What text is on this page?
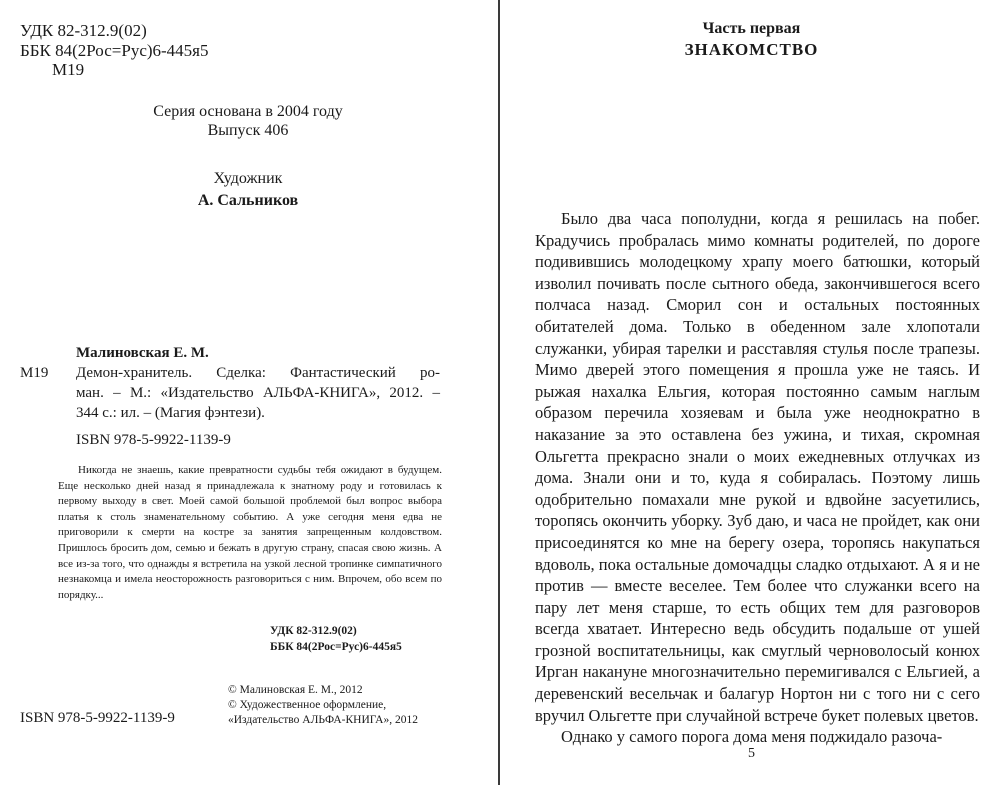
УДК 82-312.9(02)
ББК 84(2Рос=Рус)6-445я5
М19
Серия основана в 2004 году
Выпуск 406
Художник
А. Сальников
Малиновская Е. М.
М19	Демон-хранитель. Сделка: Фантастический ро-
ман. – М.: «Издательство АЛЬФА-КНИГА», 2012. –
344 с.: ил. – (Магия фэнтези).
ISBN 978-5-9922-1139-9
Никогда не знаешь, какие превратности судьбы тебя ожидают в будущем. Еще несколько дней назад я принадлежала к знатному роду и готовилась к первому выходу в свет. Моей самой большой проблемой был вопрос выбора платья к столь знаменательному событию. А уже сегодня меня едва не приговорили к смерти на костре за занятия запрещенным колдовством. Пришлось бросить дом, семью и бежать в другую страну, спасая свою жизнь. А все из-за того, что однажды я встретила на узкой лесной тропинке симпатичного незнакомца и имела неосторожность разговориться с ним. Впрочем, обо всем по порядку...
УДК 82-312.9(02)
ББК 84(2Рос=Рус)6-445я5
© Малиновская Е. М., 2012
© Художественное оформление,
«Издательство АЛЬФА-КНИГА», 2012
ISBN 978-5-9922-1139-9
Часть первая
ЗНАКОМСТВО

Было два часа пополудни, когда я решилась на побег. Крадучись пробралась мимо комнаты родителей, по дороге подивившись молодецкому храпу моего батюшки, который изволил почивать после сытного обеда, закончившегося всего полчаса назад. Сморил сон и остальных постоянных обитателей дома. Только в обеденном зале хлопотали служанки, убирая тарелки и расставляя стулья после трапезы. Мимо дверей этого помещения я прошла уже не таясь. И рыжая нахалка Ельгия, которая постоянно самым наглым образом перечила хозяевам и была уже неоднократно в наказание за это оставлена без ужина, и тихая, скромная Ольгетта прекрасно знали о моих ежедневных отлучках из дома. Знали они и то, куда я собиралась. Поэтому лишь одобрительно помахали мне рукой и вдвойне засуетились, торопясь окончить уборку. Зуб даю, и часа не пройдет, как они присоединятся ко мне на берегу озера, торопясь накупаться вдоволь, пока остальные домочадцы сладко отдыхают. А я и не против — вместе веселее. Тем более что служанки всего на пару лет меня старше, то есть общих тем для разговоров всегда хватает. Интересно ведь обсудить подальше от ушей грозной воспитательницы, как смуглый черноволосый конюх Ирган накануне многозначительно перемигивался с Ельгией, а деревенский весельчак и балагур Нортон ни с того ни с сего вручил Ольгетте при случайной встрече букет полевых цветов.

Однако у самого порога дома меня поджидало разоча-

5
